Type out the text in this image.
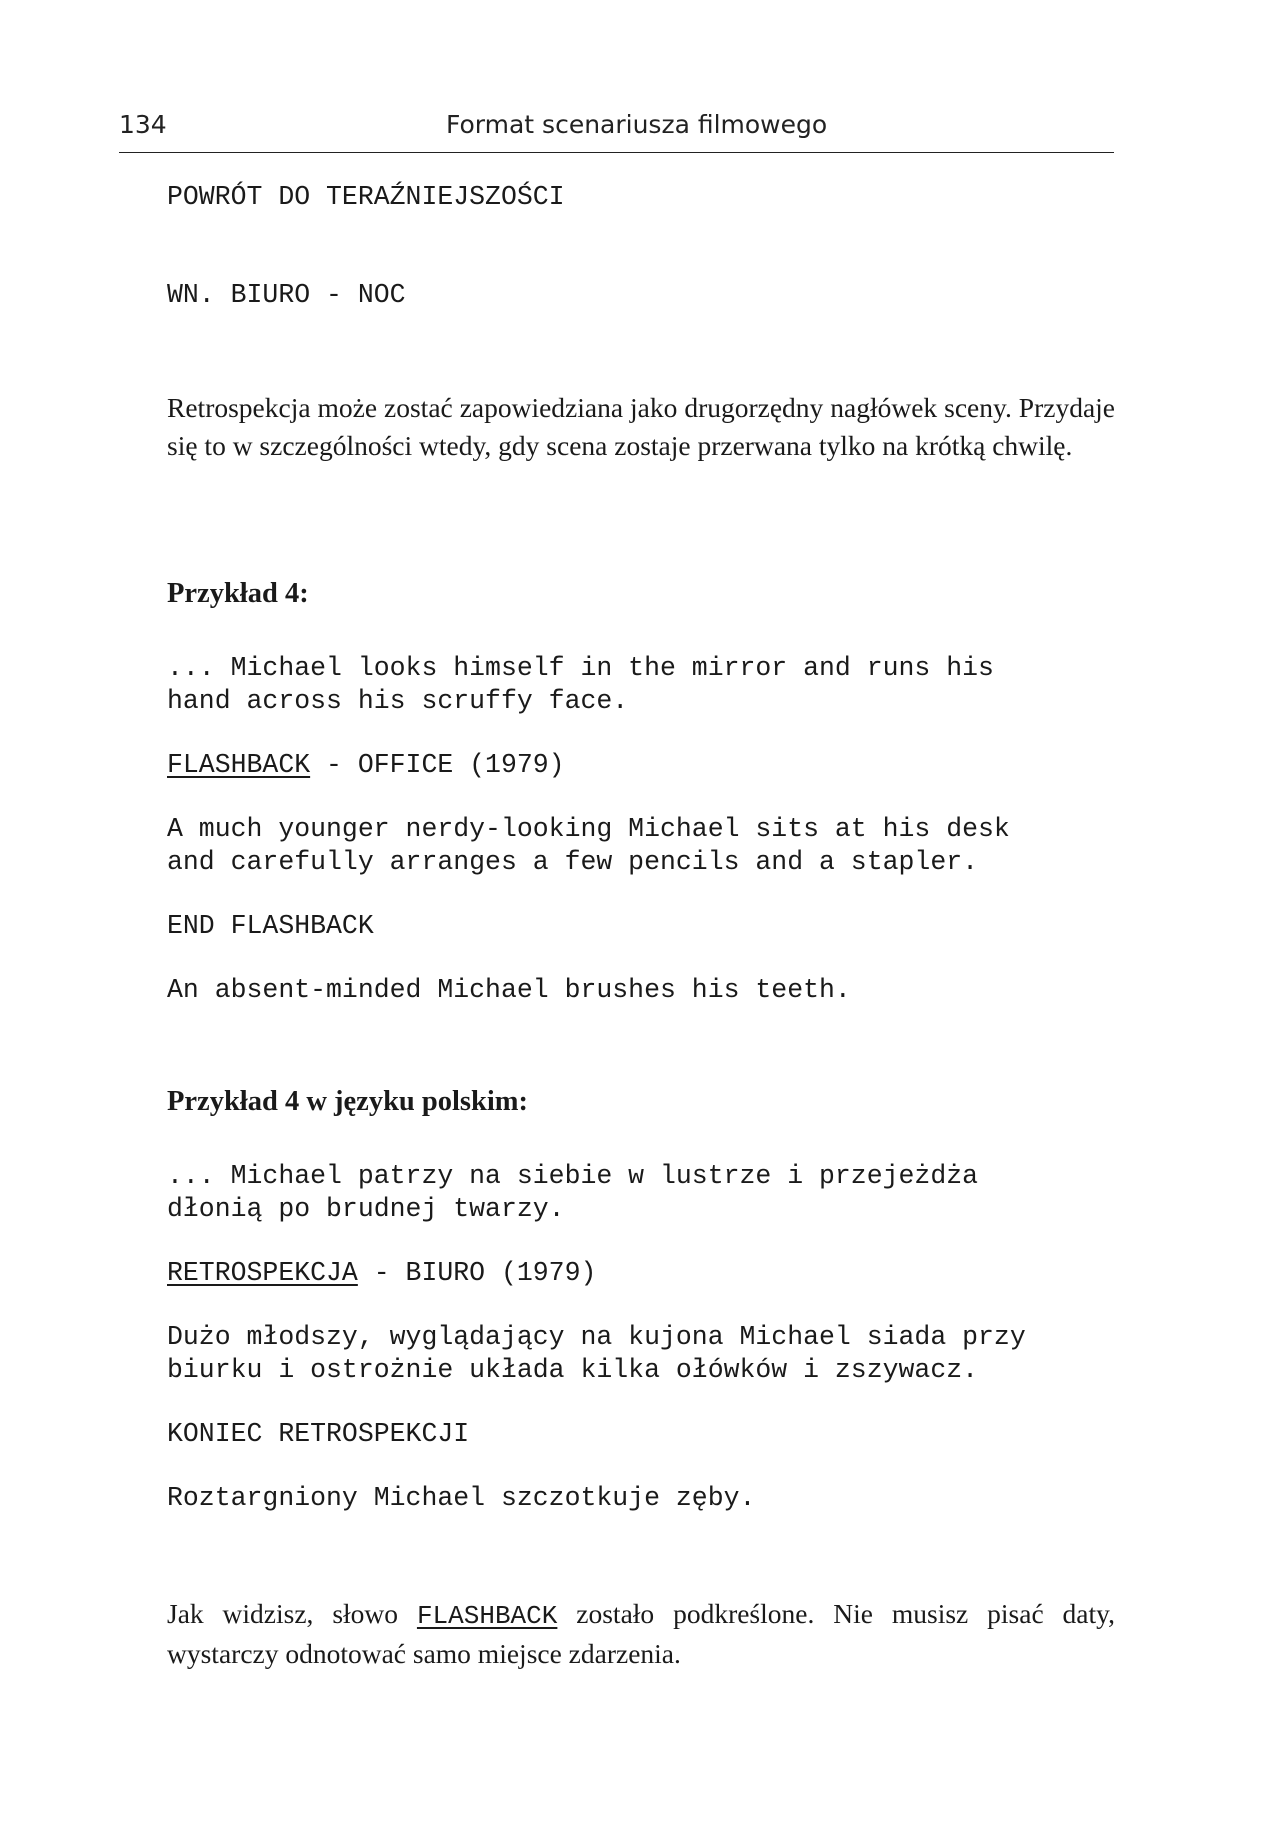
134	Format scenariusza filmowego

POWRÓT DO TERAŹNIEJSZOŚCI

WN. BIURO - NOC

Retrospekcja może zostać zapowiedziana jako drugorzędny nagłówek sceny. Przydaje się to w szczególności wtedy, gdy scena zostaje przerwana tylko na krótką chwilę.

Przykład 4:

... Michael looks himself in the mirror and runs his

hand across his scruffy face.

FLASHBACK - OFFICE (1979)

A much younger nerdy-looking Michael sits at his desk

and carefully arranges a few pencils and a stapler.

END FLASHBACK

An absent-minded Michael brushes his teeth.

Przykład 4 w języku polskim:

... Michael patrzy na siebie w lustrze i przejeżdża

dłonią po brudnej twarzy.

RETROSPEKCJA - BIURO (1979)

Dużo młodszy, wyglądający na kujona Michael siada przy

biurku i ostrożnie układa kilka ołówków i zszywacz.

KONIEC RETROSPEKCJI

Roztargniony Michael szczotkuje zęby.

Jak widzisz, słowo FLASHBACK zostało podkreślone. Nie musisz pisać daty, wystarczy odnotować samo miejsce zdarzenia.
